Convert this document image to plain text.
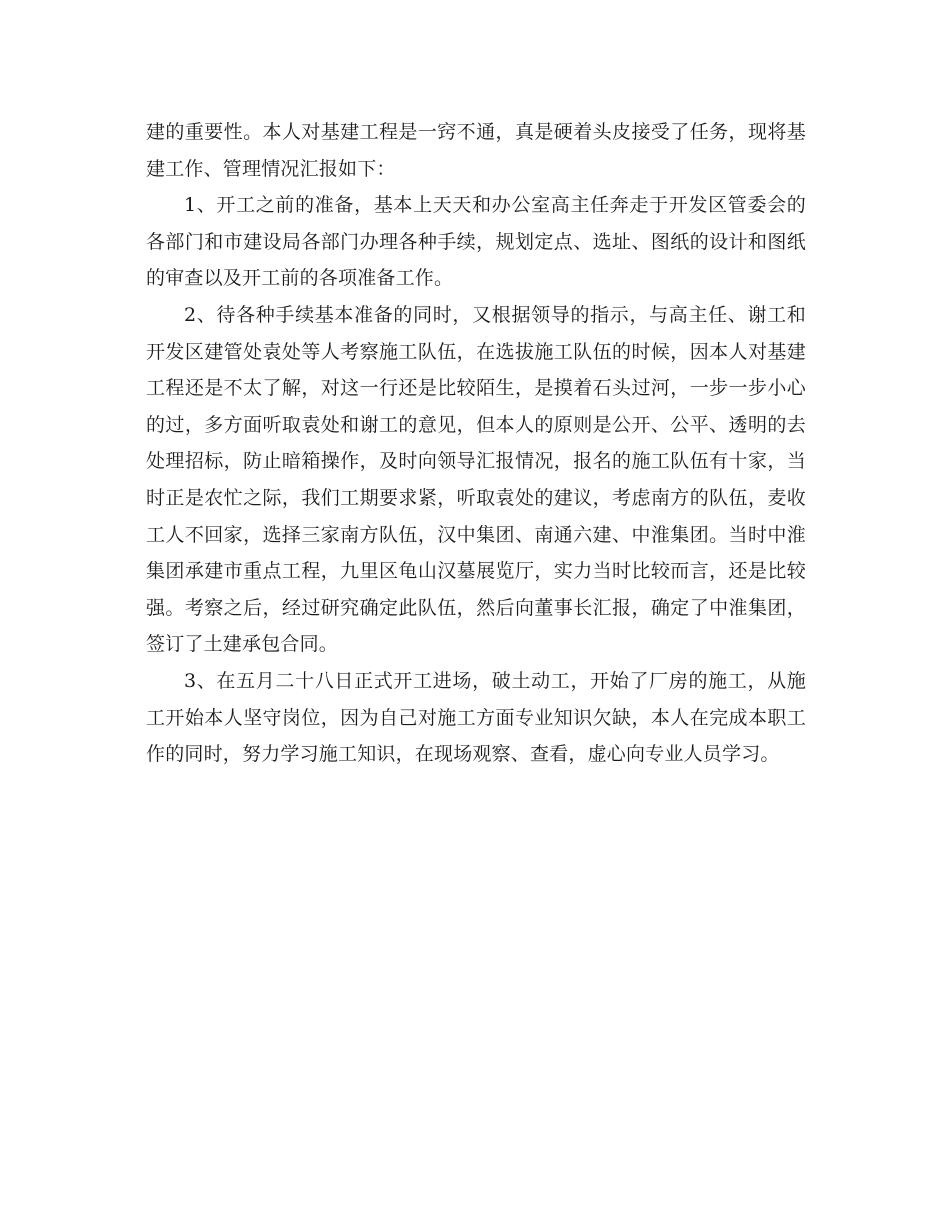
建的重要性。本人对基建工程是一窍不通，真是硬着头皮接受了任务，现将基建工作、管理情况汇报如下：

1、开工之前的准备，基本上天天和办公室高主任奔走于开发区管委会的各部门和市建设局各部门办理各种手续，规划定点、选址、图纸的设计和图纸的审查以及开工前的各项准备工作。

2、待各种手续基本准备的同时，又根据领导的指示，与高主任、谢工和开发区建管处袁处等人考察施工队伍，在选拔施工队伍的时候，因本人对基建工程还是不太了解，对这一行还是比较陌生，是摸着石头过河，一步一步小心的过，多方面听取袁处和谢工的意见，但本人的原则是公开、公平、透明的去处理招标，防止暗箱操作，及时向领导汇报情况，报名的施工队伍有十家，当时正是农忙之际，我们工期要求紧，听取袁处的建议，考虑南方的队伍，麦收工人不回家，选择三家南方队伍，汉中集团、南通六建、中淮集团。当时中淮集团承建市重点工程，九里区龟山汉墓展览厅，实力当时比较而言，还是比较强。考察之后，经过研究确定此队伍，然后向董事长汇报，确定了中淮集团，签订了土建承包合同。

3、在五月二十八日正式开工进场，破土动工，开始了厂房的施工，从施工开始本人坚守岗位，因为自己对施工方面专业知识欠缺，本人在完成本职工作的同时，努力学习施工知识，在现场观察、查看，虚心向专业人员学习。
